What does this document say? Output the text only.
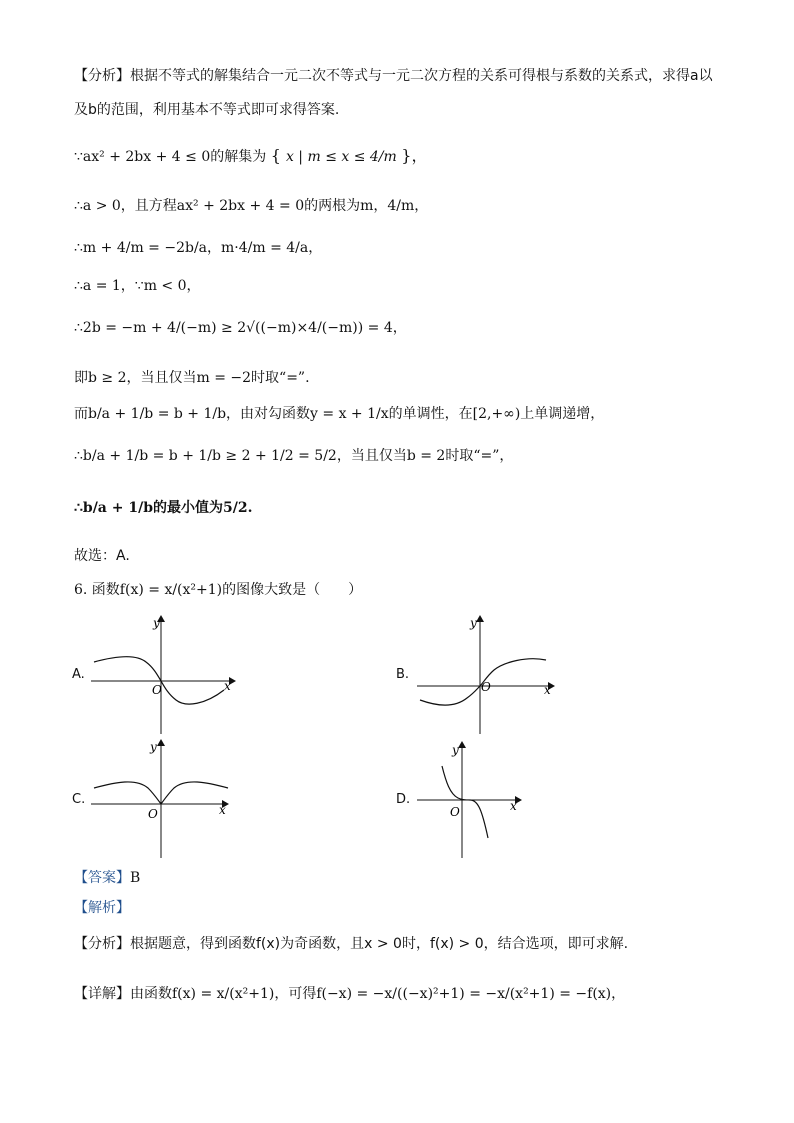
【分析】根据不等式的解集结合一元二次不等式与一元二次方程的关系可得根与系数的关系式，求得a以
及b的范围，利用基本不等式即可求得答案.
∵ax² + 2bx + 4 ≤ 0的解集为 { x | m ≤ x ≤ 4/m }，
∴a > 0，且方程ax² + 2bx + 4 = 0的两根为m，4/m，
∴m + 4/m = −2b/a，m·4/m = 4/a，
∴a = 1，∵m < 0，
∴2b = −m + 4/(−m) ≥ 2√((−m)×4/(−m)) = 4，
即b ≥ 2，当且仅当m = −2时取“=”.
而b/a + 1/b = b + 1/b，由对勾函数y = x + 1/x的单调性，在[2,+∞)上单调递增，
∴b/a + 1/b = b + 1/b ≥ 2 + 1/2 = 5/2，当且仅当b = 2时取“=”，
∴b/a + 1/b的最小值为5/2.
故选：A.
6. 函数f(x) = x/(x²+1)的图像大致是（　　）
A.	B.
C.	D.
O	x
y
O	x
y
O	x
y
O	x
y
【答案】B
【解析】
【分析】根据题意，得到函数f(x)为奇函数，且x > 0时，f(x) > 0，结合选项，即可求解.
【详解】由函数f(x) = x/(x²+1)，可得f(−x) = −x/((−x)²+1) = −x/(x²+1) = −f(x)，
